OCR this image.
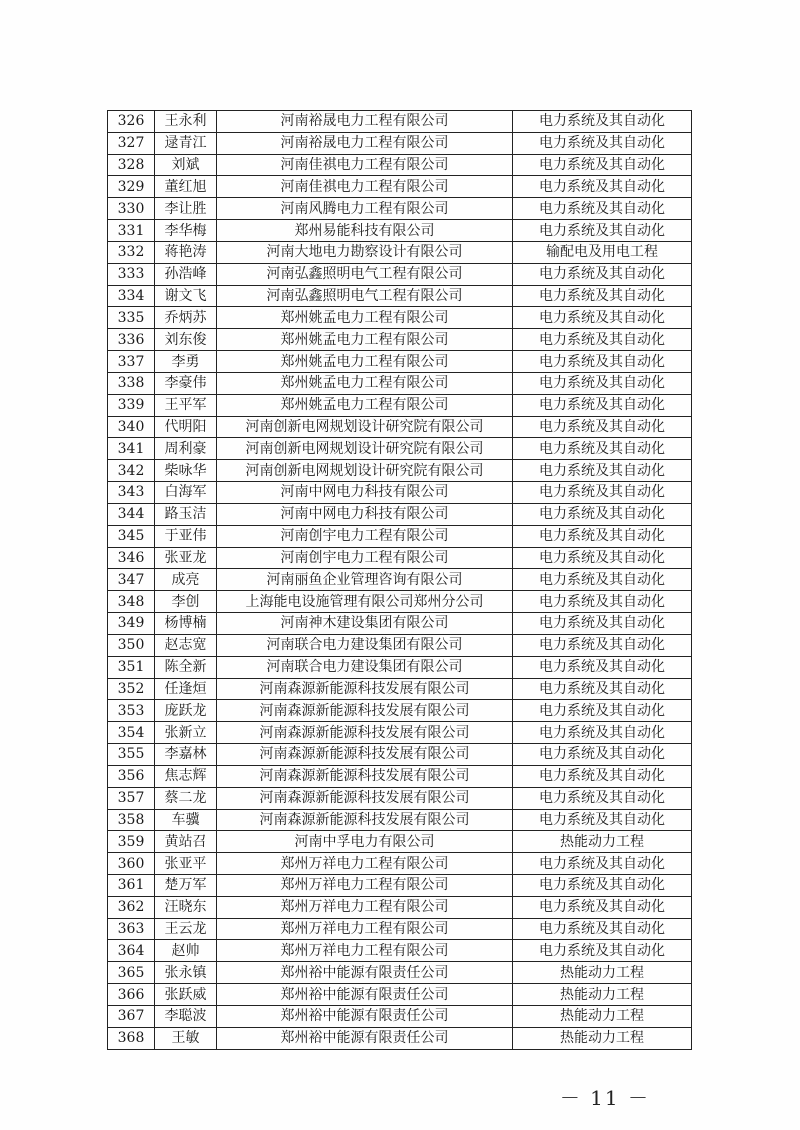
326	王永利	河南裕晟电力工程有限公司	电力系统及其自动化
327	逯青江	河南裕晟电力工程有限公司	电力系统及其自动化
328	刘斌	河南佳祺电力工程有限公司	电力系统及其自动化
329	董红旭	河南佳祺电力工程有限公司	电力系统及其自动化
330	李让胜	河南风腾电力工程有限公司	电力系统及其自动化
331	李华梅	郑州易能科技有限公司	电力系统及其自动化
332	蒋艳涛	河南大地电力勘察设计有限公司	输配电及用电工程
333	孙浩峰	河南弘鑫照明电气工程有限公司	电力系统及其自动化
334	谢文飞	河南弘鑫照明电气工程有限公司	电力系统及其自动化
335	乔炳苏	郑州姚孟电力工程有限公司	电力系统及其自动化
336	刘东俊	郑州姚孟电力工程有限公司	电力系统及其自动化
337	李勇	郑州姚孟电力工程有限公司	电力系统及其自动化
338	李豪伟	郑州姚孟电力工程有限公司	电力系统及其自动化
339	王平军	郑州姚孟电力工程有限公司	电力系统及其自动化
340	代明阳	河南创新电网规划设计研究院有限公司	电力系统及其自动化
341	周利豪	河南创新电网规划设计研究院有限公司	电力系统及其自动化
342	柴咏华	河南创新电网规划设计研究院有限公司	电力系统及其自动化
343	白海军	河南中网电力科技有限公司	电力系统及其自动化
344	路玉洁	河南中网电力科技有限公司	电力系统及其自动化
345	于亚伟	河南创宇电力工程有限公司	电力系统及其自动化
346	张亚龙	河南创宇电力工程有限公司	电力系统及其自动化
347	成亮	河南丽鱼企业管理咨询有限公司	电力系统及其自动化
348	李创	上海能电设施管理有限公司郑州分公司	电力系统及其自动化
349	杨博楠	河南神木建设集团有限公司	电力系统及其自动化
350	赵志宽	河南联合电力建设集团有限公司	电力系统及其自动化
351	陈全新	河南联合电力建设集团有限公司	电力系统及其自动化
352	任逢烜	河南森源新能源科技发展有限公司	电力系统及其自动化
353	庞跃龙	河南森源新能源科技发展有限公司	电力系统及其自动化
354	张新立	河南森源新能源科技发展有限公司	电力系统及其自动化
355	李嘉林	河南森源新能源科技发展有限公司	电力系统及其自动化
356	焦志辉	河南森源新能源科技发展有限公司	电力系统及其自动化
357	蔡二龙	河南森源新能源科技发展有限公司	电力系统及其自动化
358	车骥	河南森源新能源科技发展有限公司	电力系统及其自动化
359	黄站召	河南中孚电力有限公司	热能动力工程
360	张亚平	郑州万祥电力工程有限公司	电力系统及其自动化
361	楚万军	郑州万祥电力工程有限公司	电力系统及其自动化
362	汪晓东	郑州万祥电力工程有限公司	电力系统及其自动化
363	王云龙	郑州万祥电力工程有限公司	电力系统及其自动化
364	赵帅	郑州万祥电力工程有限公司	电力系统及其自动化
365	张永镇	郑州裕中能源有限责任公司	热能动力工程
366	张跃威	郑州裕中能源有限责任公司	热能动力工程
367	李聪波	郑州裕中能源有限责任公司	热能动力工程
368	王敏	郑州裕中能源有限责任公司	热能动力工程
－ 11 －
